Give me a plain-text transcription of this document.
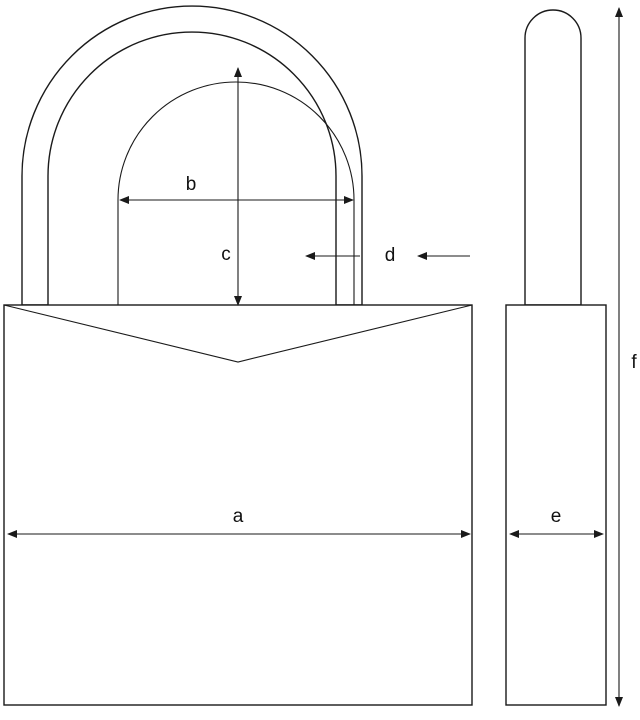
b
c	d
a	e
f
